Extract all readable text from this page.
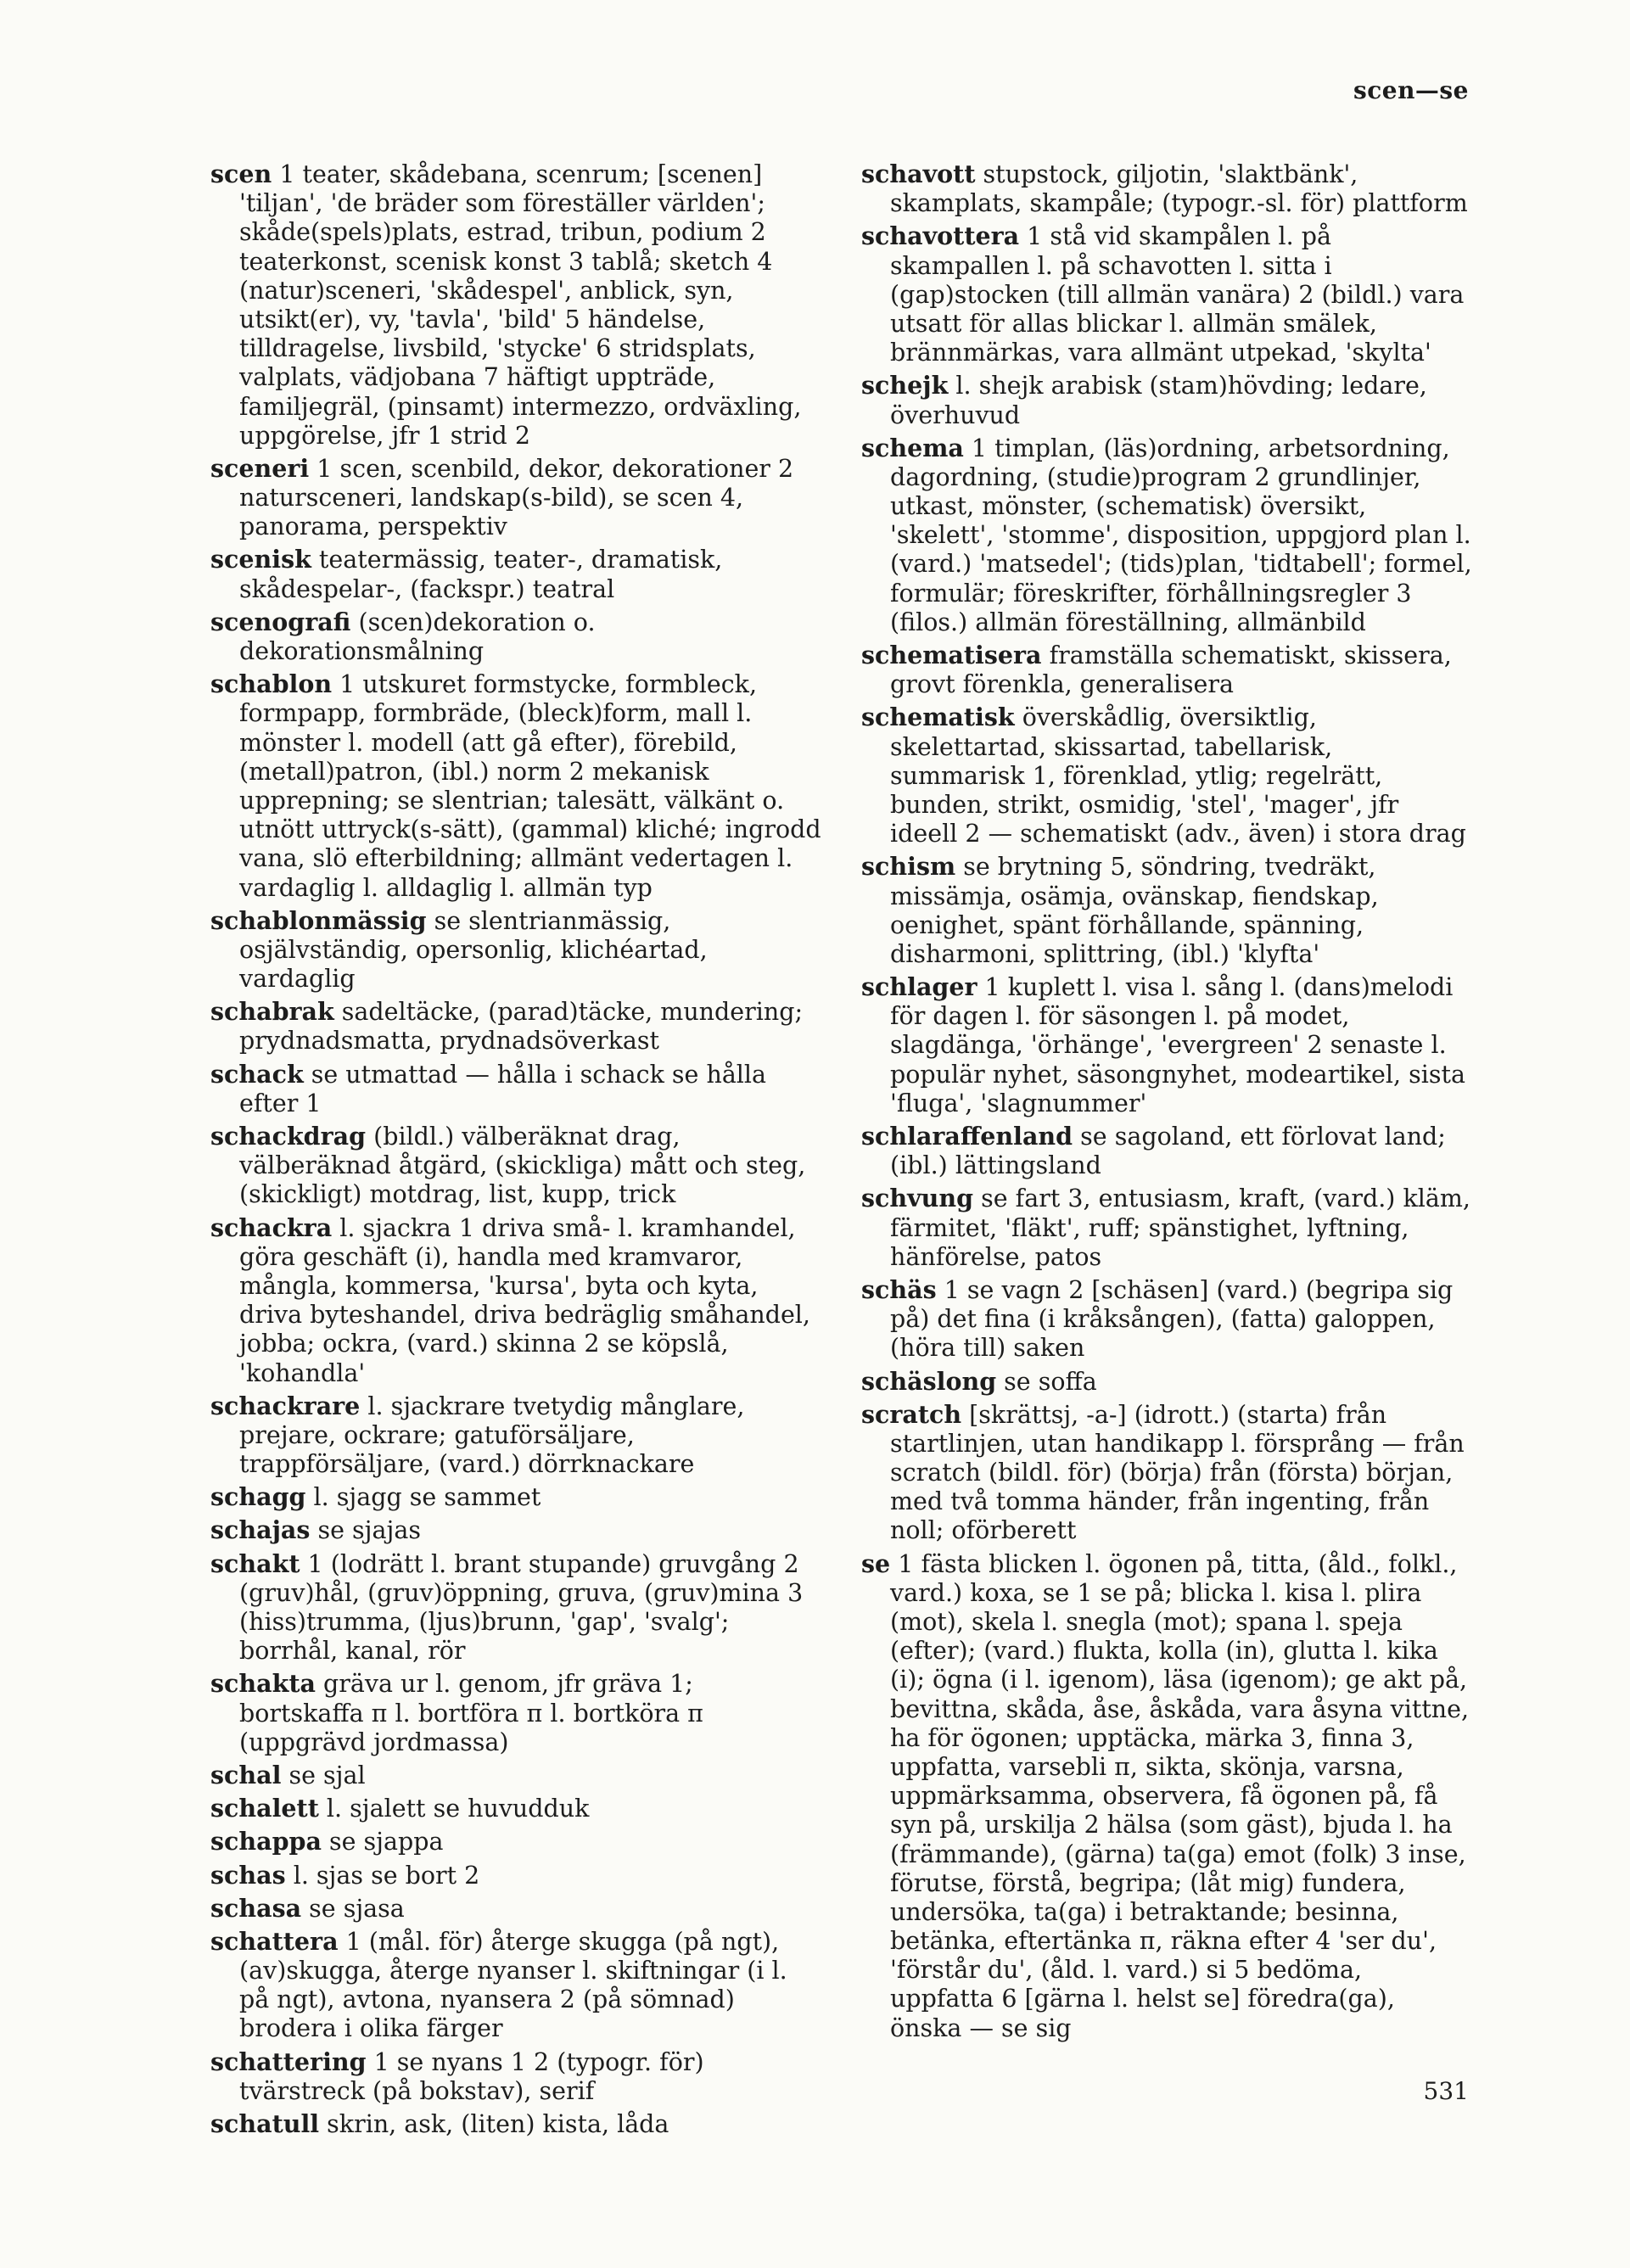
scen—se

scen 1 teater, skådebana, scenrum; [scenen] 'tiljan', 'de bräder som föreställer världen'; skåde(spels)plats, estrad, tribun, podium 2 teaterkonst, scenisk konst 3 tablå; sketch 4 (natur)sceneri, 'skådespel', anblick, syn, utsikt(er), vy, 'tavla', 'bild' 5 händelse, tilldragelse, livsbild, 'stycke' 6 stridsplats, valplats, vädjobana 7 häftigt uppträde, familjegräl, (pinsamt) intermezzo, ordväxling, uppgörelse, jfr 1 strid 2

sceneri 1 scen, scenbild, dekor, dekorationer 2 natursceneri, landskap(s-bild), se scen 4, panorama, perspektiv

scenisk teatermässig, teater-, dramatisk, skådespelar-, (fackspr.) teatral

scenografi (scen)dekoration o. dekorationsmålning

schablon 1 utskuret formstycke, formbleck, formpapp, formbräde, (bleck)form, mall l. mönster l. modell (att gå efter), förebild, (metall)patron, (ibl.) norm 2 mekanisk upprepning; se slentrian; talesätt, välkänt o. utnött uttryck(s-sätt), (gammal) kliché; ingrodd vana, slö efterbildning; allmänt vedertagen l. vardaglig l. alldaglig l. allmän typ

schablonmässig se slentrianmässig, osjälvständig, opersonlig, klichéartad, vardaglig

schabrak sadeltäcke, (parad)täcke, mundering; prydnadsmatta, prydnadsöverkast

schack se utmattad — hålla i schack se hålla efter 1

schackdrag (bildl.) välberäknat drag, välberäknad åtgärd, (skickliga) mått och steg, (skickligt) motdrag, list, kupp, trick

schackra l. sjackra 1 driva små- l. kramhandel, göra geschäft (i), handla med kramvaror, mångla, kommersa, 'kursa', byta och kyta, driva byteshandel, driva bedräglig småhandel, jobba; ockra, (vard.) skinna 2 se köpslå, 'kohandla'

schackrare l. sjackrare tvetydig månglare, prejare, ockrare; gatuförsäljare, trappförsäljare, (vard.) dörrknackare

schagg l. sjagg se sammet

schajas se sjajas

schakt 1 (lodrätt l. brant stupande) gruvgång 2 (gruv)hål, (gruv)öppning, gruva, (gruv)mina 3 (hiss)trumma, (ljus)brunn, 'gap', 'svalg'; borrhål, kanal, rör

schakta gräva ur l. genom, jfr gräva 1; bortskaffa ᴨ l. bortföra ᴨ l. bortköra ᴨ (uppgrävd jordmassa)

schal se sjal

schalett l. sjalett se huvudduk

schappa se sjappa

schas l. sjas se bort 2

schasa se sjasa

schattera 1 (mål. för) återge skugga (på ngt), (av)skugga, återge nyanser l. skiftningar (i l. på ngt), avtona, nyansera 2 (på sömnad) brodera i olika färger

schattering 1 se nyans 1 2 (typogr. för) tvärstreck (på bokstav), serif

schatull skrin, ask, (liten) kista, låda

schavott stupstock, giljotin, 'slaktbänk', skamplats, skampåle; (typogr.-sl. för) plattform

schavottera 1 stå vid skampålen l. på skampallen l. på schavotten l. sitta i (gap)stocken (till allmän vanära) 2 (bildl.) vara utsatt för allas blickar l. allmän smälek, brännmärkas, vara allmänt utpekad, 'skylta'

schejk l. shejk arabisk (stam)hövding; ledare, överhuvud

schema 1 timplan, (läs)ordning, arbetsordning, dagordning, (studie)program 2 grundlinjer, utkast, mönster, (schematisk) översikt, 'skelett', 'stomme', disposition, uppgjord plan l. (vard.) 'matsedel'; (tids)plan, 'tidtabell'; formel, formulär; föreskrifter, förhållningsregler 3 (filos.) allmän föreställning, allmänbild

schematisera framställa schematiskt, skissera, grovt förenkla, generalisera

schematisk överskådlig, översiktlig, skelettartad, skissartad, tabellarisk, summarisk 1, förenklad, ytlig; regelrätt, bunden, strikt, osmidig, 'stel', 'mager', jfr ideell 2 — schematiskt (adv., även) i stora drag

schism se brytning 5, söndring, tvedräkt, missämja, osämja, ovänskap, fiendskap, oenighet, spänt förhållande, spänning, disharmoni, splittring, (ibl.) 'klyfta'

schlager 1 kuplett l. visa l. sång l. (dans)melodi för dagen l. för säsongen l. på modet, slagdänga, 'örhänge', 'evergreen' 2 senaste l. populär nyhet, säsongnyhet, modeartikel, sista 'fluga', 'slagnummer'

schlaraffenland se sagoland, ett förlovat land; (ibl.) lättingsland

schvung se fart 3, entusiasm, kraft, (vard.) kläm, färmitet, 'fläkt', ruff; spänstighet, lyftning, hänförelse, patos

schäs 1 se vagn 2 [schäsen] (vard.) (begripa sig på) det fina (i kråksången), (fatta) galoppen, (höra till) saken

schäslong se soffa

scratch [skrättsj, -a-] (idrott.) (starta) från startlinjen, utan handikapp l. försprång — från scratch (bildl. för) (börja) från (första) början, med två tomma händer, från ingenting, från noll; oförberett

se 1 fästa blicken l. ögonen på, titta, (åld., folkl., vard.) koxa, se 1 se på; blicka l. kisa l. plira (mot), skela l. snegla (mot); spana l. speja (efter); (vard.) flukta, kolla (in), glutta l. kika (i); ögna (i l. igenom), läsa (igenom); ge akt på, bevittna, skåda, åse, åskåda, vara åsyna vittne, ha för ögonen; upptäcka, märka 3, finna 3, uppfatta, varsebli ᴨ, sikta, skönja, varsna, uppmärksamma, observera, få ögonen på, få syn på, urskilja 2 hälsa (som gäst), bjuda l. ha (främmande), (gärna) ta(ga) emot (folk) 3 inse, förutse, förstå, begripa; (låt mig) fundera, undersöka, ta(ga) i betraktande; besinna, betänka, eftertänka ᴨ, räkna efter 4 'ser du', 'förstår du', (åld. l. vard.) si 5 bedöma, uppfatta 6 [gärna l. helst se] föredra(ga), önska — se sig

531
